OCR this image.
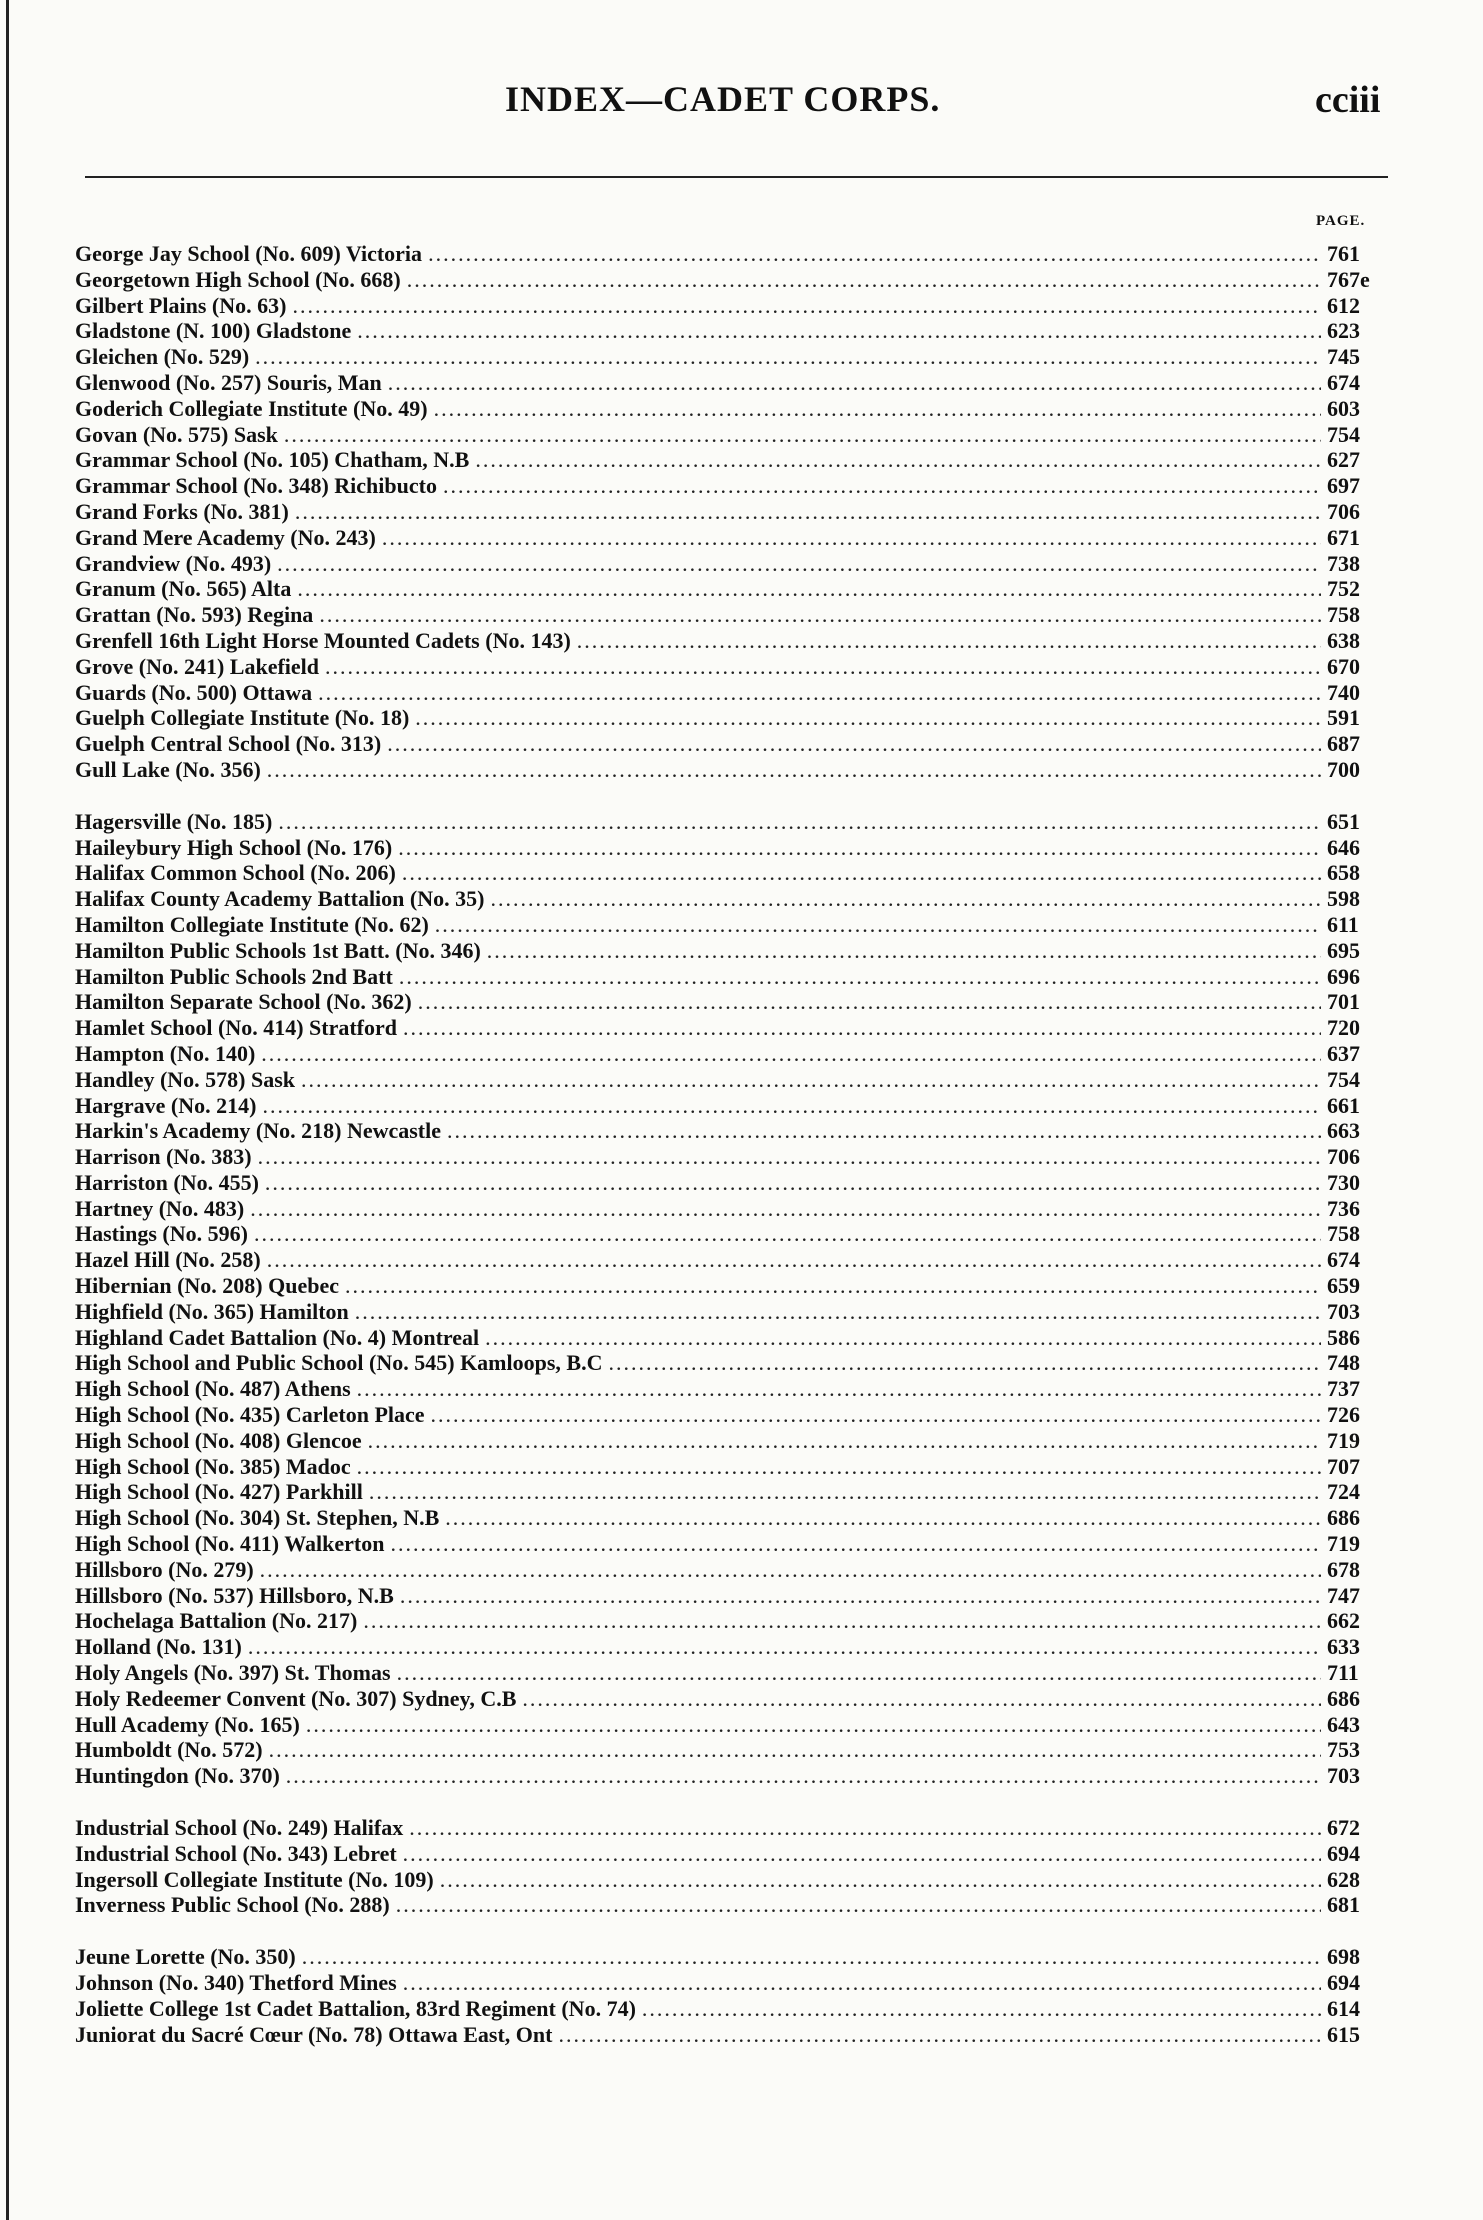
INDEX—CADET CORPS.	cciii
PAGE.
George Jay School (No. 609) Victoria .....	761
Georgetown High School (No. 668) .....	767e
Gilbert Plains (No. 63) .....	612
Gladstone (N. 100) Gladstone .....	623
Gleichen (No. 529) .....	745
Glenwood (No. 257) Souris, Man .....	674
Goderich Collegiate Institute (No. 49) .....	603
Govan (No. 575) Sask .....	754
Grammar School (No. 105) Chatham, N.B .....	627
Grammar School (No. 348) Richibucto .....	697
Grand Forks (No. 381) .....	706
Grand Mere Academy (No. 243) .....	671
Grandview (No. 493) .....	738
Granum (No. 565) Alta .....	752
Grattan (No. 593) Regina .....	758
Grenfell 16th Light Horse Mounted Cadets (No. 143) .....	638
Grove (No. 241) Lakefield .....	670
Guards (No. 500) Ottawa .....	740
Guelph Collegiate Institute (No. 18) .....	591
Guelph Central School (No. 313) .....	687
Gull Lake (No. 356) .....	700
Hagersville (No. 185) .....	651
Haileybury High School (No. 176) .....	646
Halifax Common School (No. 206) .....	658
Halifax County Academy Battalion (No. 35) .....	598
Hamilton Collegiate Institute (No. 62) .....	611
Hamilton Public Schools 1st Batt. (No. 346) .....	695
Hamilton Public Schools 2nd Batt .....	696
Hamilton Separate School (No. 362) .....	701
Hamlet School (No. 414) Stratford .....	720
Hampton (No. 140) .....	637
Handley (No. 578) Sask .....	754
Hargrave (No. 214) .....	661
Harkin's Academy (No. 218) Newcastle .....	663
Harrison (No. 383) .....	706
Harriston (No. 455) .....	730
Hartney (No. 483) .....	736
Hastings (No. 596) .....	758
Hazel Hill (No. 258) .....	674
Hibernian (No. 208) Quebec .....	659
Highfield (No. 365) Hamilton .....	703
Highland Cadet Battalion (No. 4) Montreal .....	586
High School and Public School (No. 545) Kamloops, B.C .....	748
High School (No. 487) Athens .....	737
High School (No. 435) Carleton Place .....	726
High School (No. 408) Glencoe .....	719
High School (No. 385) Madoc .....	707
High School (No. 427) Parkhill .....	724
High School (No. 304) St. Stephen, N.B .....	686
High School (No. 411) Walkerton .....	719
Hillsboro (No. 279) .....	678
Hillsboro (No. 537) Hillsboro, N.B .....	747
Hochelaga Battalion (No. 217) .....	662
Holland (No. 131) .....	633
Holy Angels (No. 397) St. Thomas .....	711
Holy Redeemer Convent (No. 307) Sydney, C.B .....	686
Hull Academy (No. 165) .....	643
Humboldt (No. 572) .....	753
Huntingdon (No. 370) .....	703
Industrial School (No. 249) Halifax .....	672
Industrial School (No. 343) Lebret .....	694
Ingersoll Collegiate Institute (No. 109) .....	628
Inverness Public School (No. 288) .....	681
Jeune Lorette (No. 350) .....	698
Johnson (No. 340) Thetford Mines .....	694
Joliette College 1st Cadet Battalion, 83rd Regiment (No. 74) .....	614
Juniorat du Sacré Cœur (No. 78) Ottawa East, Ont .....	615
